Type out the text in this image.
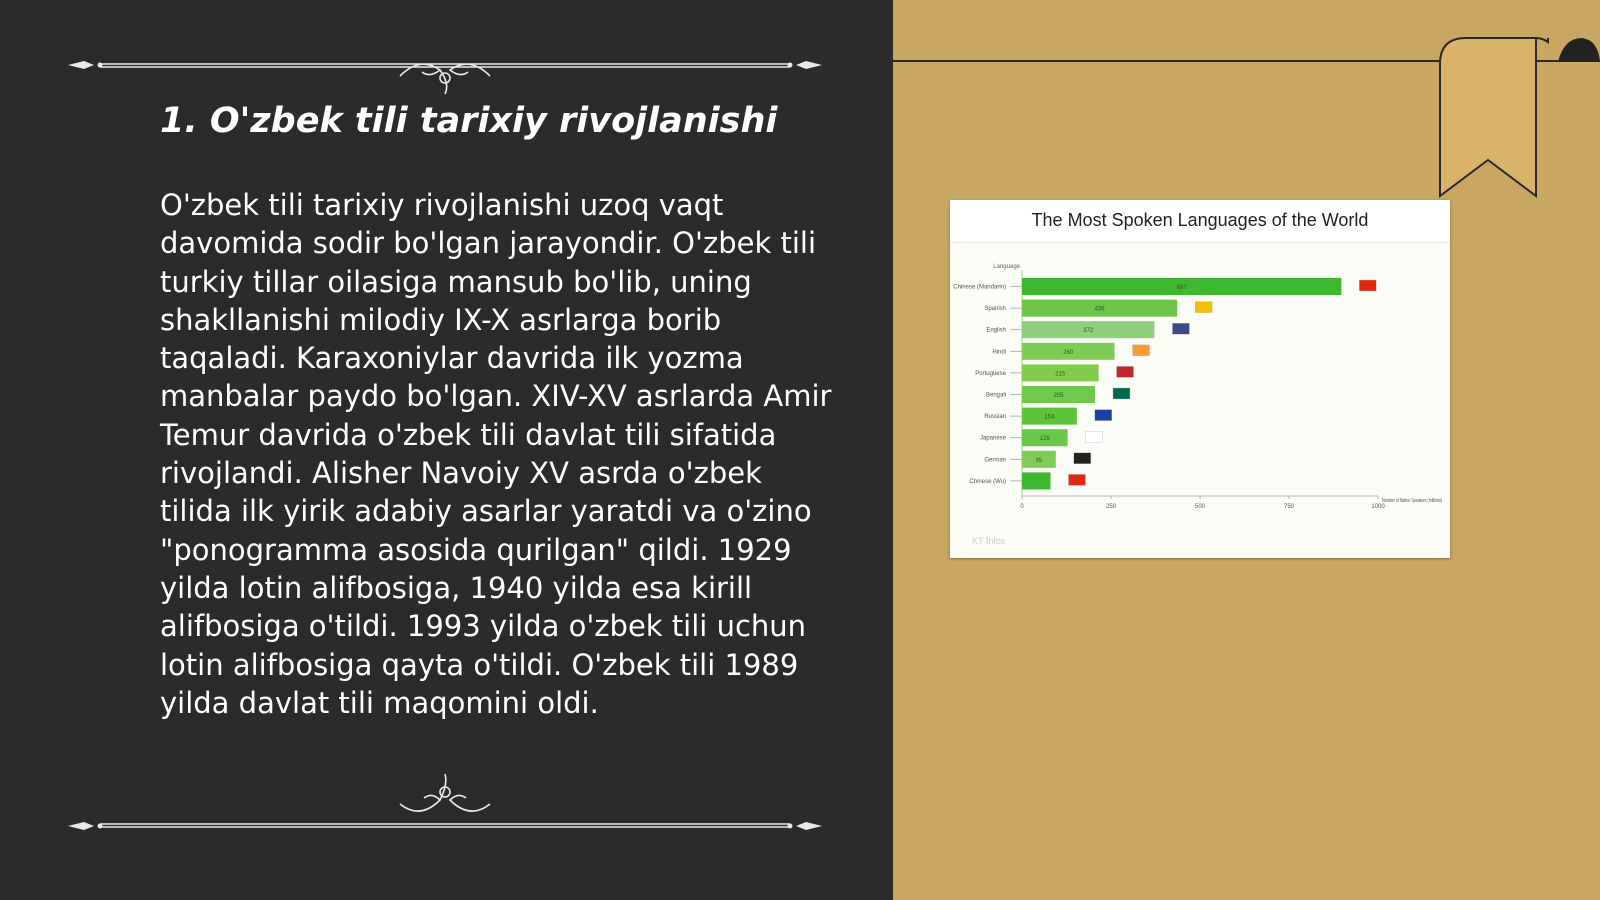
1. O'zbek tili tarixiy rivojlanishi

O'zbek tili tarixiy rivojlanishi uzoq vaqt davomida sodir bo'lgan jarayondir. O'zbek tili turkiy tillar oilasiga mansub bo'lib, uning shakllanishi milodiy IX-X asrlarga borib taqaladi. Karaxoniylar davrida ilk yozma manbalar paydo bo'lgan. XIV-XV asrlarda Amir Temur davrida o'zbek tili davlat tili sifatida rivojlandi. Alisher Navoiy XV asrda o'zbek tilida ilk yirik adabiy asarlar yaratdi va o'zino "ponogramma asosida qurilgan" qildi. 1929 yilda lotin alifbosiga, 1940 yilda esa kirill alifbosiga o'tildi. 1993 yilda o'zbek tili uchun lotin alifbosiga qayta o'tildi. O'zbek tili 1989 yilda davlat tili maqomini oldi.

The Most Spoken Languages of the World
Language
Chinese (Mandarin)	897
Spanish	436
English	372
Hindi	260
Portuguese	215
Bengali	205
Russian	154
Japanese	128
German	95
Chinese (Wu)
0	250	500	750	1000
Number of Native Speakers (millions)
KT Infos
